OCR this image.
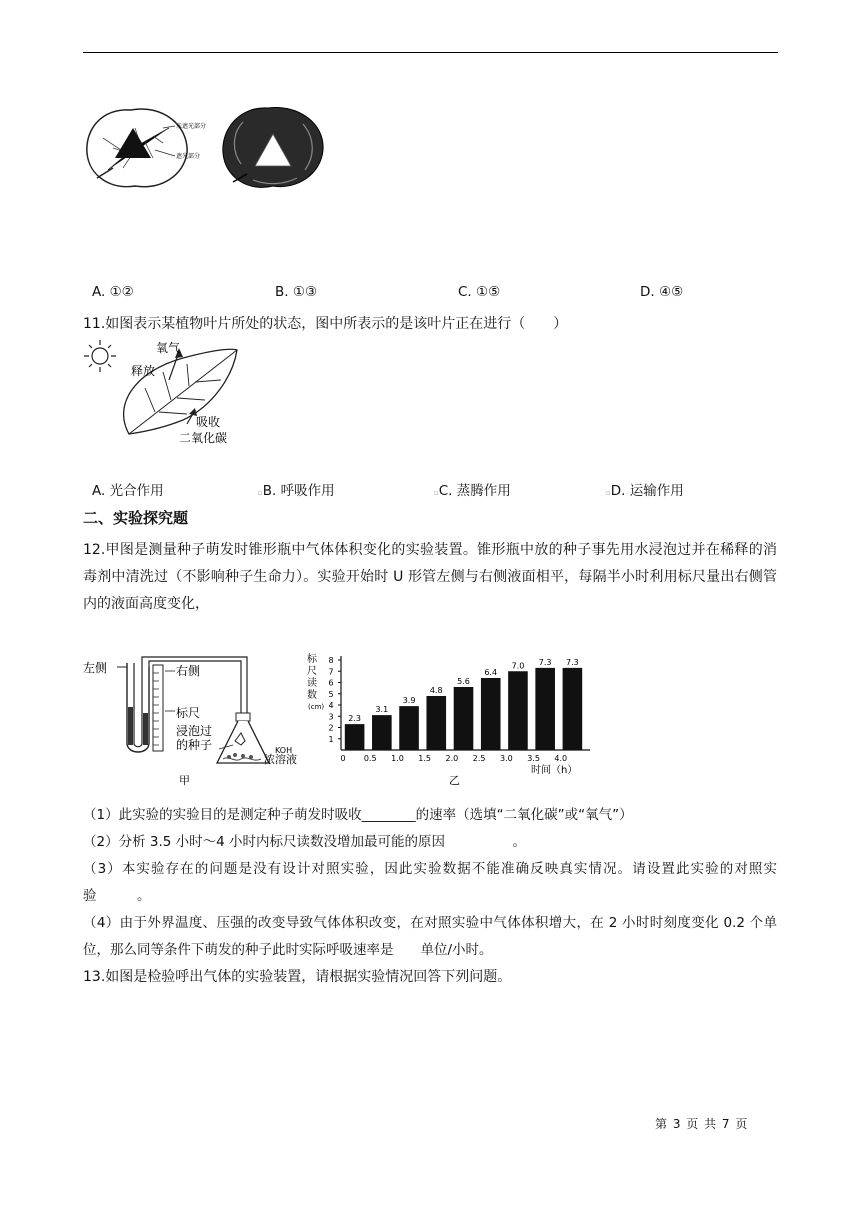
未遮光部分
遮光部分
A. ①②	B. ①③	C. ①⑤	D. ④⑤
11.如图表示某植物叶片所处的状态，图中所表示的是该叶片正在进行（　　）
氧气
释放
吸收
二氧化碳
A. 光合作用	▫B. 呼吸作用	▫C. 蒸腾作用	▫D. 运输作用
二、实验探究题
12.甲图是测量种子萌发时锥形瓶中气体体积变化的实验装置。锥形瓶中放的种子事先用水浸泡过并在稀释的消毒剂中清洗过（不影响种子生命力）。实验开始时 U 形管左侧与右侧液面相平，每隔半小时利用标尺量出右侧管内的液面高度变化，
左侧	右侧
标尺
浸泡过
的种子	KOH
浓溶液
甲
标
尺
读
数
(cm)
0 0.5 1.0 1.5 2.0 2.5 3.0 3.5 4.0
1
2
3
4
5
6
7
8
2.3
3.1
3.9
4.8
5.6
6.4
7.0 7.3 7.3
时间（h）
乙
（1）此实验的实验目的是测定种子萌发时吸收________的速率（选填“二氧化碳”或“氧气”）
（2）分析 3.5 小时～4 小时内标尺读数没增加最可能的原因　　　　　。
（3）本实验存在的问题是没有设计对照实验，因此实验数据不能准确反映真实情况。请设置此实验的对照实验　　　。
（4）由于外界温度、压强的改变导致气体体积改变，在对照实验中气体体积增大，在 2 小时时刻度变化 0.2 个单位，那么同等条件下萌发的种子此时实际呼吸速率是　　单位/小时。
13.如图是检验呼出气体的实验装置，请根据实验情况回答下列问题。
第 3 页 共 7 页
